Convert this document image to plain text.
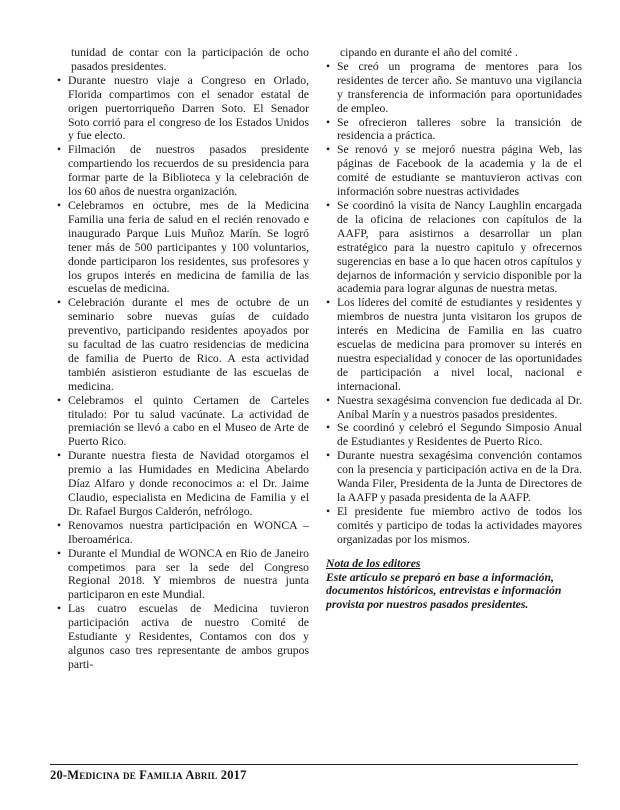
tunidad de contar con la participación de ocho pasados presidentes.

• Durante nuestro viaje a Congreso en Orlado, Florida compartimos con el senador estatal de origen puertorriqueño Darren Soto. El Senador Soto corrió para el congreso de los Estados Unidos y fue electo.
• Filmación de nuestros pasados presidente compartiendo los recuerdos de su presidencia para formar parte de la Biblioteca y la celebración de los 60 años de nuestra organización.
• Celebramos en octubre, mes de la Medicina Familia una feria de salud en el recién renovado e inaugurado Parque Luis Muñoz Marín. Se logró tener más de 500 participantes y 100 voluntarios, donde participaron los residentes, sus profesores y los grupos interés en medicina de familia de las escuelas de medicina.
• Celebración durante el mes de octubre de un seminario sobre nuevas guías de cuidado preventivo, participando residentes apoyados por su facultad de las cuatro residencias de medicina de familia de Puerto de Rico. A esta actividad también asistieron estudiante de las escuelas de medicina.
• Celebramos el quinto Certamen de Carteles titulado: Por tu salud vacúnate. La actividad de premiación se llevó a cabo en el Museo de Arte de Puerto Rico.
• Durante nuestra fiesta de Navidad otorgamos el premio a las Humidades en Medicina Abelardo Díaz Alfaro y donde reconocimos a: el Dr. Jaime Claudio, especialista en Medicina de Familia y el Dr. Rafael Burgos Calderón, nefrólogo.
• Renovamos nuestra participación en WONCA –Iberoamérica.
• Durante el Mundial de WONCA en Rio de Janeiro competimos para ser la sede del Congreso Regional 2018. Y miembros de nuestra junta participaron en este Mundial.
• Las cuatro escuelas de Medicina tuvieron participación activa de nuestro Comité de Estudiante y Residentes, Contamos con dos y algunos caso tres representante de ambos grupos parti-

cipando en durante el año del comité .

• Se creó un programa de mentores para los residentes de tercer año. Se mantuvo una vigilancia y transferencia de información para oportunidades de empleo.
• Se ofrecieron talleres sobre la transición de residencia a práctica.
• Se renovó y se mejoró nuestra página Web, las páginas de Facebook de la academia y la de el comité de estudiante se mantuvieron activas con información sobre nuestras actividades
• Se coordinó la visita de Nancy Laughlin encargada de la oficina de relaciones con capítulos de la AAFP, para asistirnos a desarrollar un plan estratégico para la nuestro capitulo y ofrecernos sugerencias en base a lo que hacen otros capítulos y dejarnos de información y servicio disponible por la academia para lograr algunas de nuestra metas.
• Los líderes del comité de estudiantes y residentes y miembros de nuestra junta visitaron los grupos de interés en Medicina de Familia en las cuatro escuelas de medicina para promover su interés en nuestra especialidad y conocer de las oportunidades de participación a nivel local, nacional e internacional.
• Nuestra sexagésima convencion fue dedicada al Dr. Aníbal Marín y a nuestros pasados presidentes.
• Se coordinó y celebró el Segundo Simposio Anual de Estudiantes y Residentes de Puerto Rico.
• Durante nuestra sexagésima convención contamos con la presencia y participación activa en de la Dra. Wanda Filer, Presidenta de la Junta de Directores de la AAFP y pasada presidenta de la AAFP.
• El presidente fue miembro activo de todos los comités y participo de todas la actividades mayores organizadas por los mismos.

Nota de los editores

Este artículo se preparó en base a información, documentos históricos, entrevistas e información provista por nuestros pasados presidentes.

20-Medicina de Familia Abril 2017
